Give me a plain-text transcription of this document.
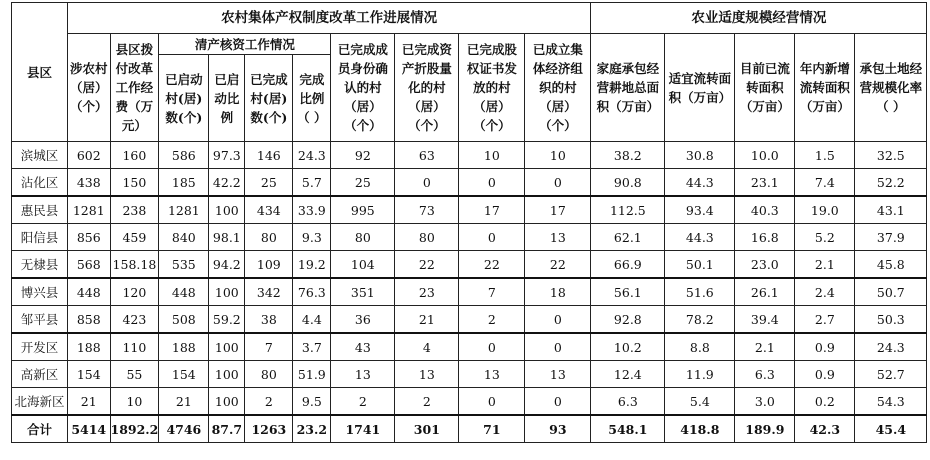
县区	农村集体产权制度改革工作进展情况										农业适度规模经营情况				
	涉农村（居）（个）	县区拨付改革工作经费（万元）	清产核资工作情况				已完成成员身份确认的村（居）（个）	已完成资产折股量化的村（居）（个）	已完成股权证书发放的村（居）（个）	已成立集体经济组织的村（居）（个）	家庭承包经营耕地总面积（万亩）	适宜流转面积（万亩）	目前已流转面积（万亩）	年内新增流转面积（万亩）	承包土地经营规模化率（ ）
			已启动村(居)数(个)	已启动比例	已完成村(居)数(个)	完成比例（ ）									
滨城区	602	160	586	97.3	146	24.3	92	63	10	10	38.2	30.8	10.0	1.5	32.5
沾化区	438	150	185	42.2	25	5.7	25	0	0	0	90.8	44.3	23.1	7.4	52.2
惠民县	1281	238	1281	100	434	33.9	995	73	17	17	112.5	93.4	40.3	19.0	43.1
阳信县	856	459	840	98.1	80	9.3	80	80	0	13	62.1	44.3	16.8	5.2	37.9
无棣县	568	158.18	535	94.2	109	19.2	104	22	22	22	66.9	50.1	23.0	2.1	45.8
博兴县	448	120	448	100	342	76.3	351	23	7	18	56.1	51.6	26.1	2.4	50.7
邹平县	858	423	508	59.2	38	4.4	36	21	2	0	92.8	78.2	39.4	2.7	50.3
开发区	188	110	188	100	7	3.7	43	4	0	0	10.2	8.8	2.1	0.9	24.3
高新区	154	55	154	100	80	51.9	13	13	13	13	12.4	11.9	6.3	0.9	52.7
北海新区	21	10	21	100	2	9.5	2	2	0	0	6.3	5.4	3.0	0.2	54.3
合计	5414	1892.2	4746	87.7	1263	23.2	1741	301	71	93	548.1	418.8	189.9	42.3	45.4
